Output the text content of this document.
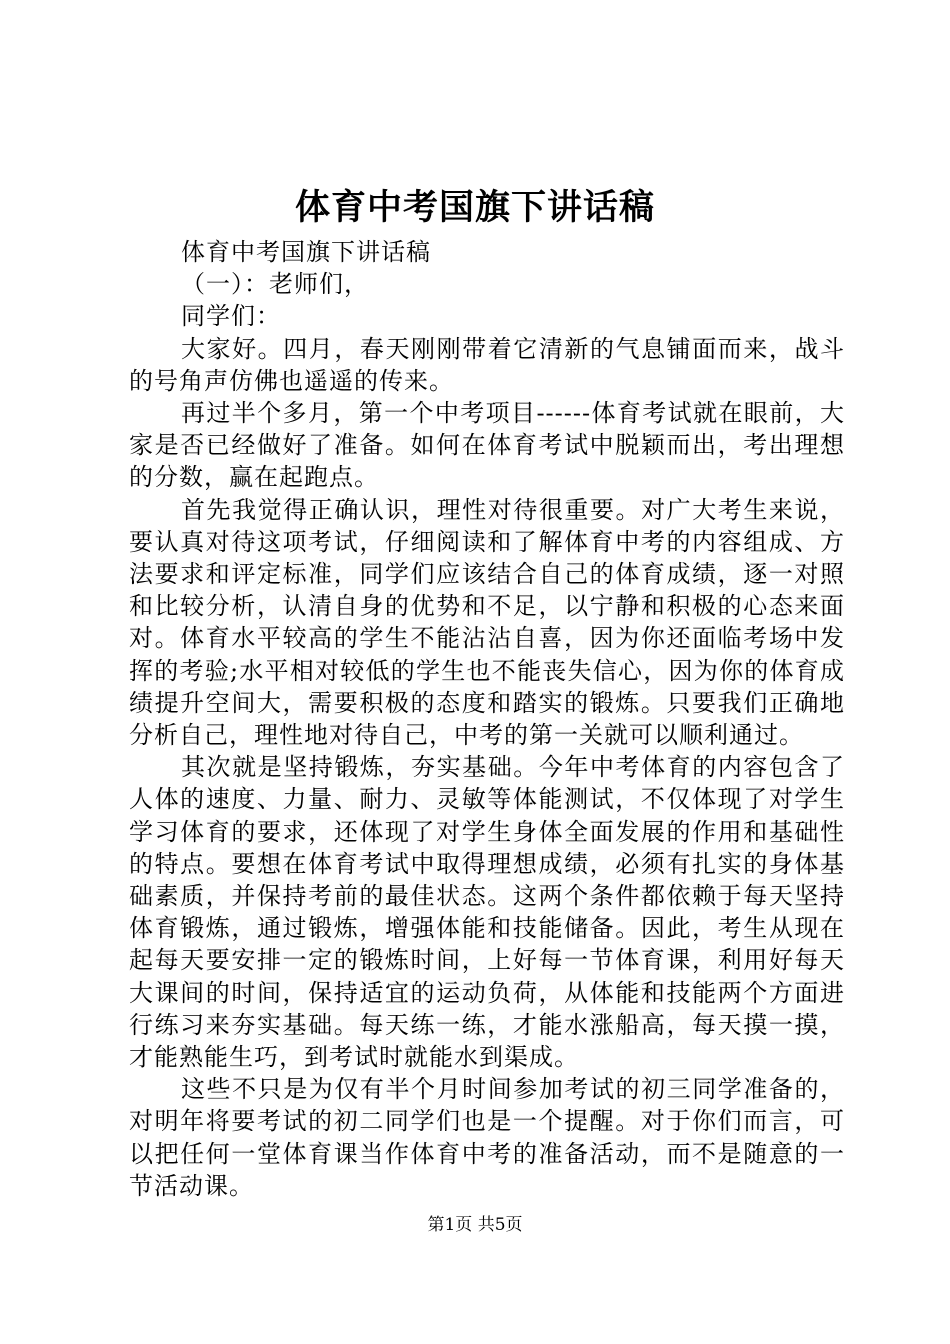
体育中考国旗下讲话稿

体育中考国旗下讲话稿

（一）：老师们，

同学们：

大家好。四月，春天刚刚带着它清新的气息铺面而来，战斗的号角声仿佛也遥遥的传来。

再过半个多月，第一个中考项目------体育考试就在眼前，大家是否已经做好了准备。如何在体育考试中脱颖而出，考出理想的分数，赢在起跑点。

首先我觉得正确认识，理性对待很重要。对广大考生来说，要认真对待这项考试，仔细阅读和了解体育中考的内容组成、方法要求和评定标准，同学们应该结合自己的体育成绩，逐一对照和比较分析，认清自身的优势和不足，以宁静和积极的心态来面对。体育水平较高的学生不能沾沾自喜，因为你还面临考场中发挥的考验;水平相对较低的学生也不能丧失信心，因为你的体育成绩提升空间大，需要积极的态度和踏实的锻炼。只要我们正确地分析自己，理性地对待自己，中考的第一关就可以顺利通过。

其次就是坚持锻炼，夯实基础。今年中考体育的内容包含了人体的速度、力量、耐力、灵敏等体能测试，不仅体现了对学生学习体育的要求，还体现了对学生身体全面发展的作用和基础性的特点。要想在体育考试中取得理想成绩，必须有扎实的身体基础素质，并保持考前的最佳状态。这两个条件都依赖于每天坚持体育锻炼，通过锻炼，增强体能和技能储备。因此，考生从现在起每天要安排一定的锻炼时间，上好每一节体育课，利用好每天大课间的时间，保持适宜的运动负荷，从体能和技能两个方面进行练习来夯实基础。每天练一练，才能水涨船高，每天摸一摸，才能熟能生巧，到考试时就能水到渠成。

这些不只是为仅有半个月时间参加考试的初三同学准备的，对明年将要考试的初二同学们也是一个提醒。对于你们而言，可以把任何一堂体育课当作体育中考的准备活动，而不是随意的一节活动课。

第1页 共5页
